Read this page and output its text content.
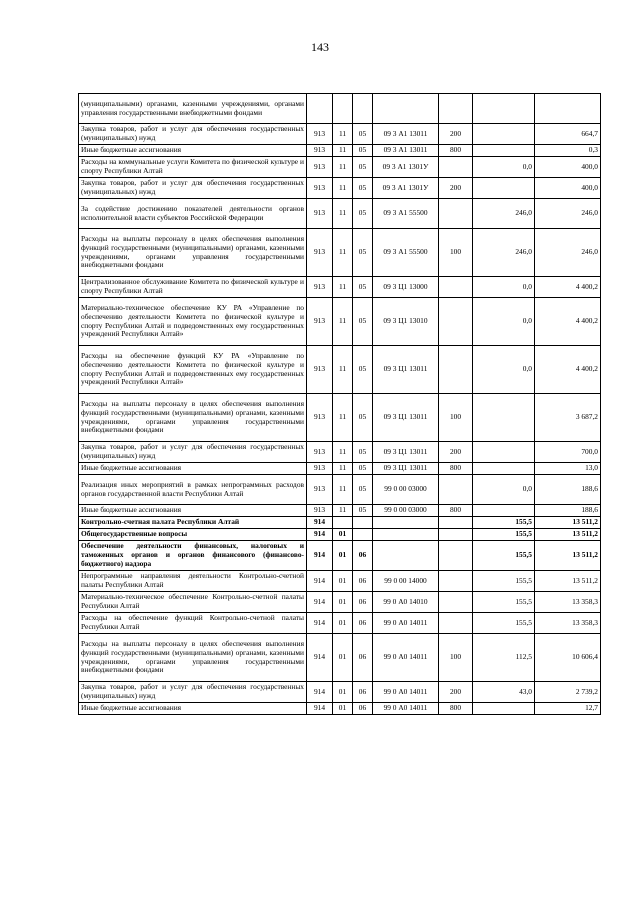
143
(муниципальными) органами, казенными учреждениями, органами управления государственными внебюджетными фондами							
Закупка товаров, работ и услуг для обеспечения государственных (муниципальных) нужд	913	11	05	09 3 А1 13011	200		664,7
Иные бюджетные ассигнования	913	11	05	09 3 А1 13011	800		0,3
Расходы на коммунальные услуги Комитета по физической культуре и спорту Республики Алтай	913	11	05	09 3 А1 1301У		0,0	400,0
Закупка товаров, работ и услуг для обеспечения государственных (муниципальных) нужд	913	11	05	09 3 А1 1301У	200		400,0
За содействие достижению показателей деятельности органов исполнительной власти субъектов Российской Федерации	913	11	05	09 3 А1 55500		246,0	246,0
Расходы на выплаты персоналу в целях обеспечения выполнения функций государственными (муниципальными) органами, казенными учреждениями, органами управления государственными внебюджетными фондами	913	11	05	09 3 А1 55500	100	246,0	246,0
Централизованное обслуживание Комитета по физической культуре и спорту Республики Алтай	913	11	05	09 3 Ц1 13000		0,0	4 400,2
Материально-техническое обеспечение КУ РА «Управление по обеспечению деятельности Комитета по физической культуре и спорту Республики Алтай и подведомственных ему государственных учреждений Республики Алтай»	913	11	05	09 3 Ц1 13010		0,0	4 400,2
Расходы на обеспечение функций КУ РА «Управление по обеспечению деятельности Комитета по физической культуре и спорту Республики Алтай и подведомственных ему государственных учреждений Республики Алтай»	913	11	05	09 3 Ц1 13011		0,0	4 400,2
Расходы на выплаты персоналу в целях обеспечения выполнения функций государственными (муниципальными) органами, казенными учреждениями, органами управления государственными внебюджетными фондами	913	11	05	09 3 Ц1 13011	100		3 687,2
Закупка товаров, работ и услуг для обеспечения государственных (муниципальных) нужд	913	11	05	09 3 Ц1 13011	200		700,0
Иные бюджетные ассигнования	913	11	05	09 3 Ц1 13011	800		13,0
Реализация иных мероприятий в рамках непрограммных расходов органов государственной власти Республики Алтай	913	11	05	99 0 00 03000		0,0	188,6
Иные бюджетные ассигнования	913	11	05	99 0 00 03000	800		188,6
Контрольно-счетная палата Республики Алтай	914					155,5	13 511,2
Общегосударственные вопросы	914	01				155,5	13 511,2
Обеспечение деятельности финансовых, налоговых и таможенных органов и органов финансового (финансово-бюджетного) надзора	914	01	06			155,5	13 511,2
Непрограммные направления деятельности Контрольно-счетной палаты Республики Алтай	914	01	06	99 0 00 14000		155,5	13 511,2
Материально-техническое обеспечение Контрольно-счетной палаты Республики Алтай	914	01	06	99 0 А0 14010		155,5	13 358,3
Расходы на обеспечение функций Контрольно-счетной палаты Республики Алтай	914	01	06	99 0 А0 14011		155,5	13 358,3
Расходы на выплаты персоналу в целях обеспечения выполнения функций государственными (муниципальными) органами, казенными учреждениями, органами управления государственными внебюджетными фондами	914	01	06	99 0 А0 14011	100	112,5	10 606,4
Закупка товаров, работ и услуг для обеспечения государственных (муниципальных) нужд	914	01	06	99 0 А0 14011	200	43,0	2 739,2
Иные бюджетные ассигнования	914	01	06	99 0 А0 14011	800		12,7
